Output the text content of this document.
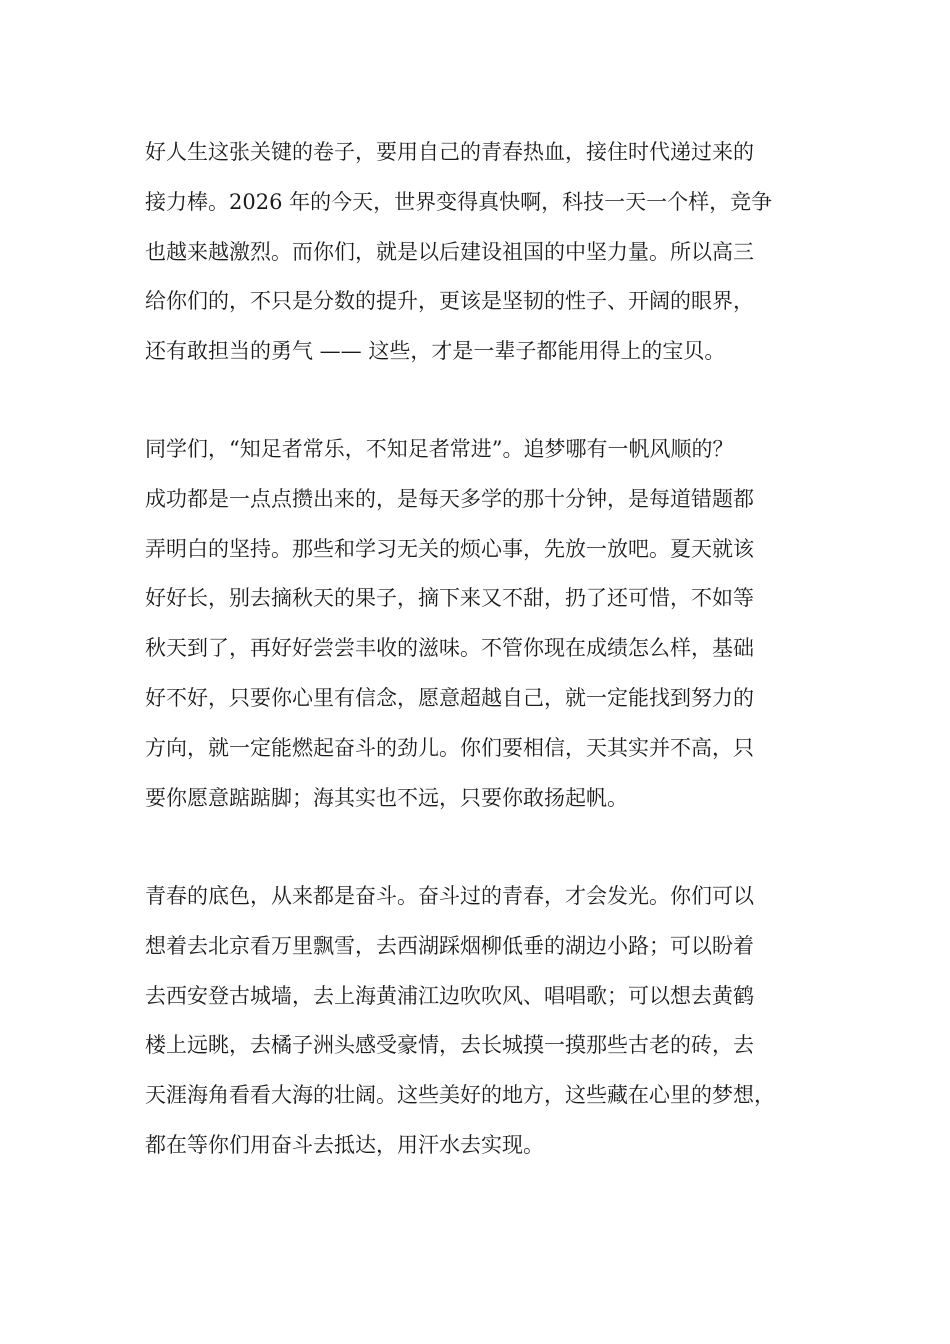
好人生这张关键的卷子，要用自己的青春热血，接住时代递过来的
接力棒。2026 年的今天，世界变得真快啊，科技一天一个样，竞争
也越来越激烈。而你们，就是以后建设祖国的中坚力量。所以高三
给你们的，不只是分数的提升，更该是坚韧的性子、开阔的眼界，
还有敢担当的勇气 —— 这些，才是一辈子都能用得上的宝贝。

同学们，“知足者常乐，不知足者常进”。追梦哪有一帆风顺的？
成功都是一点点攒出来的，是每天多学的那十分钟，是每道错题都
弄明白的坚持。那些和学习无关的烦心事，先放一放吧。夏天就该
好好长，别去摘秋天的果子，摘下来又不甜，扔了还可惜，不如等
秋天到了，再好好尝尝丰收的滋味。不管你现在成绩怎么样，基础
好不好，只要你心里有信念，愿意超越自己，就一定能找到努力的
方向，就一定能燃起奋斗的劲儿。你们要相信，天其实并不高，只
要你愿意踮踮脚；海其实也不远，只要你敢扬起帆。

青春的底色，从来都是奋斗。奋斗过的青春，才会发光。你们可以
想着去北京看万里飘雪，去西湖踩烟柳低垂的湖边小路；可以盼着
去西安登古城墙，去上海黄浦江边吹吹风、唱唱歌；可以想去黄鹤
楼上远眺，去橘子洲头感受豪情，去长城摸一摸那些古老的砖，去
天涯海角看看大海的壮阔。这些美好的地方，这些藏在心里的梦想，
都在等你们用奋斗去抵达，用汗水去实现。
